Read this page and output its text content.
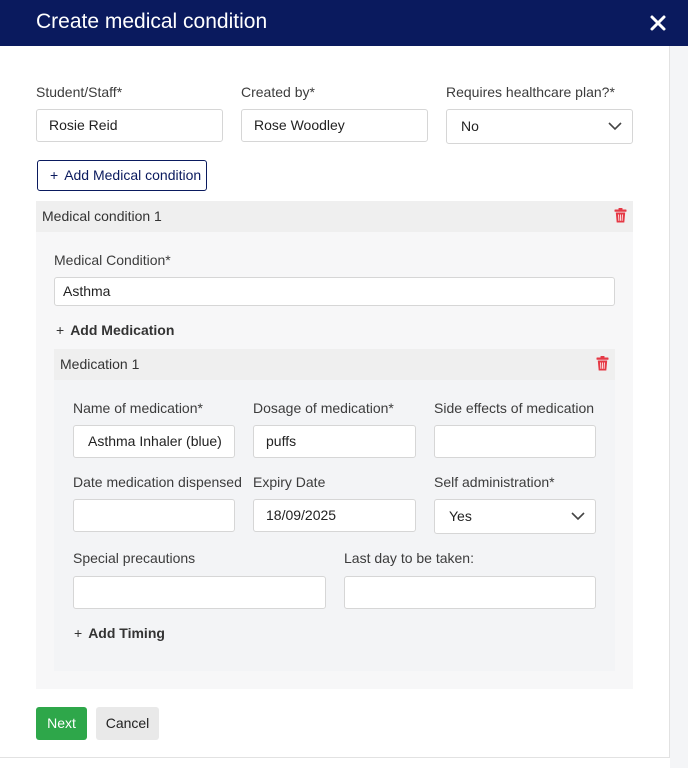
Create medical condition
Student/Staff*
Rosie Reid
Created by*
Rose Woodley
Requires healthcare plan?*
No
+ Add Medical condition
Medical condition 1
Medical Condition*
Asthma
+ Add Medication
Medication 1
Name of medication*
Asthma Inhaler (blue)
Dosage of medication*
puffs
Side effects of medication
Date medication dispensed Expiry Date
18/09/2025
Self administration*
Yes
Special precautions	Last day to be taken:
+ Add Timing
Next	Cancel
